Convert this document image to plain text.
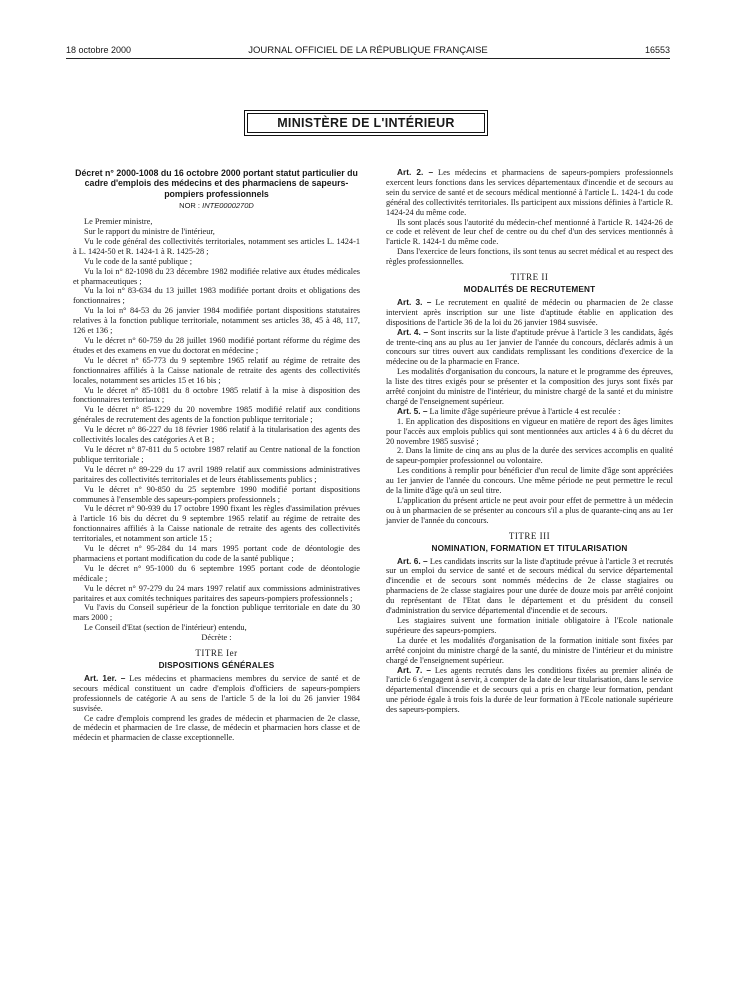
18 octobre 2000	JOURNAL OFFICIEL DE LA RÉPUBLIQUE FRANÇAISE	16553
MINISTÈRE DE L'INTÉRIEUR

Décret n° 2000-1008 du 16 octobre 2000 portant statut particulier du cadre d'emplois des médecins et des pharmaciens de sapeurs-pompiers professionnels

NOR : INTE0000270D

Le Premier ministre,

Sur le rapport du ministre de l'intérieur,

Vu le code général des collectivités territoriales, notamment ses articles L. 1424-1 à L. 1424-50 et R. 1424-1 à R. 1425-28 ;

Vu le code de la santé publique ;

Vu la loi n° 82-1098 du 23 décembre 1982 modifiée relative aux études médicales et pharmaceutiques ;

Vu la loi n° 83-634 du 13 juillet 1983 modifiée portant droits et obligations des fonctionnaires ;

Vu la loi n° 84-53 du 26 janvier 1984 modifiée portant dispositions statutaires relatives à la fonction publique territoriale, notamment ses articles 38, 45 à 48, 117, 126 et 136 ;

Vu le décret n° 60-759 du 28 juillet 1960 modifié portant réforme du régime des études et des examens en vue du doctorat en médecine ;

Vu le décret n° 65-773 du 9 septembre 1965 relatif au régime de retraite des fonctionnaires affiliés à la Caisse nationale de retraite des agents des collectivités locales, notamment ses articles 15 et 16 bis ;

Vu le décret n° 85-1081 du 8 octobre 1985 relatif à la mise à disposition des fonctionnaires territoriaux ;

Vu le décret n° 85-1229 du 20 novembre 1985 modifié relatif aux conditions générales de recrutement des agents de la fonction publique territoriale ;

Vu le décret n° 86-227 du 18 février 1986 relatif à la titularisation des agents des collectivités locales des catégories A et B ;

Vu le décret n° 87-811 du 5 octobre 1987 relatif au Centre national de la fonction publique territoriale ;

Vu le décret n° 89-229 du 17 avril 1989 relatif aux commissions administratives paritaires des collectivités territoriales et de leurs établissements publics ;

Vu le décret n° 90-850 du 25 septembre 1990 modifié portant dispositions communes à l'ensemble des sapeurs-pompiers professionnels ;

Vu le décret n° 90-939 du 17 octobre 1990 fixant les règles d'assimilation prévues à l'article 16 bis du décret du 9 septembre 1965 relatif au régime de retraite des fonctionnaires affiliés à la Caisse nationale de retraite des agents des collectivités territoriales, et notamment son article 15 ;

Vu le décret n° 95-284 du 14 mars 1995 portant code de déontologie des pharmaciens et portant modification du code de la santé publique ;

Vu le décret n° 95-1000 du 6 septembre 1995 portant code de déontologie médicale ;

Vu le décret n° 97-279 du 24 mars 1997 relatif aux commissions administratives paritaires et aux comités techniques paritaires des sapeurs-pompiers professionnels ;

Vu l'avis du Conseil supérieur de la fonction publique territoriale en date du 30 mars 2000 ;

Le Conseil d'Etat (section de l'intérieur) entendu,

Décrète :

TITRE Ier
DISPOSITIONS GÉNÉRALES

Art. 1er. – Les médecins et pharmaciens membres du service de santé et de secours médical constituent un cadre d'emplois d'officiers de sapeurs-pompiers professionnels de catégorie A au sens de l'article 5 de la loi du 26 janvier 1984 susvisée.

Ce cadre d'emplois comprend les grades de médecin et pharmacien de 2e classe, de médecin et pharmacien de 1re classe, de médecin et pharmacien hors classe et de médecin et pharmacien de classe exceptionnelle.

Art. 2. – Les médecins et pharmaciens de sapeurs-pompiers professionnels exercent leurs fonctions dans les services départementaux d'incendie et de secours au sein du service de santé et de secours médical mentionné à l'article L. 1424-1 du code général des collectivités territoriales. Ils participent aux missions définies à l'article R. 1424-24 du même code.

Ils sont placés sous l'autorité du médecin-chef mentionné à l'article R. 1424-26 de ce code et relèvent de leur chef de centre ou du chef d'un des services mentionnés à l'article R. 1424-1 du même code.

Dans l'exercice de leurs fonctions, ils sont tenus au secret médical et au respect des règles professionnelles.

TITRE II
MODALITÉS DE RECRUTEMENT

Art. 3. – Le recrutement en qualité de médecin ou pharmacien de 2e classe intervient après inscription sur une liste d'aptitude établie en application des dispositions de l'article 36 de la loi du 26 janvier 1984 susvisée.

Art. 4. – Sont inscrits sur la liste d'aptitude prévue à l'article 3 les candidats, âgés de trente-cinq ans au plus au 1er janvier de l'année du concours, déclarés admis à un concours sur titres ouvert aux candidats remplissant les conditions d'exercice de la médecine ou de la pharmacie en France.

Les modalités d'organisation du concours, la nature et le programme des épreuves, la liste des titres exigés pour se présenter et la composition des jurys sont fixés par arrêté conjoint du ministre de l'intérieur, du ministre chargé de la santé et du ministre chargé de l'enseignement supérieur.

Art. 5. – La limite d'âge supérieure prévue à l'article 4 est reculée :

1. En application des dispositions en vigueur en matière de report des âges limites pour l'accès aux emplois publics qui sont mentionnées aux articles 4 à 6 du décret du 20 novembre 1985 susvisé ;

2. Dans la limite de cinq ans au plus de la durée des services accomplis en qualité de sapeur-pompier professionnel ou volontaire.

Les conditions à remplir pour bénéficier d'un recul de limite d'âge sont appréciées au 1er janvier de l'année du concours. Une même période ne peut permettre le recul de la limite d'âge qu'à un seul titre.

L'application du présent article ne peut avoir pour effet de permettre à un médecin ou à un pharmacien de se présenter au concours s'il a plus de quarante-cinq ans au 1er janvier de l'année du concours.

TITRE III
NOMINATION, FORMATION ET TITULARISATION

Art. 6. – Les candidats inscrits sur la liste d'aptitude prévue à l'article 3 et recrutés sur un emploi du service de santé et de secours médical du service départemental d'incendie et de secours sont nommés médecins de 2e classe stagiaires ou pharmaciens de 2e classe stagiaires pour une durée de douze mois par arrêté conjoint du représentant de l'Etat dans le département et du président du conseil d'administration du service départemental d'incendie et de secours.

Les stagiaires suivent une formation initiale obligatoire à l'Ecole nationale supérieure des sapeurs-pompiers.

La durée et les modalités d'organisation de la formation initiale sont fixées par arrêté conjoint du ministre chargé de la santé, du ministre de l'intérieur et du ministre chargé de l'enseignement supérieur.

Art. 7. – Les agents recrutés dans les conditions fixées au premier alinéa de l'article 6 s'engagent à servir, à compter de la date de leur titularisation, dans le service départemental d'incendie et de secours qui a pris en charge leur formation, pendant une période égale à trois fois la durée de leur formation à l'Ecole nationale supérieure des sapeurs-pompiers.
